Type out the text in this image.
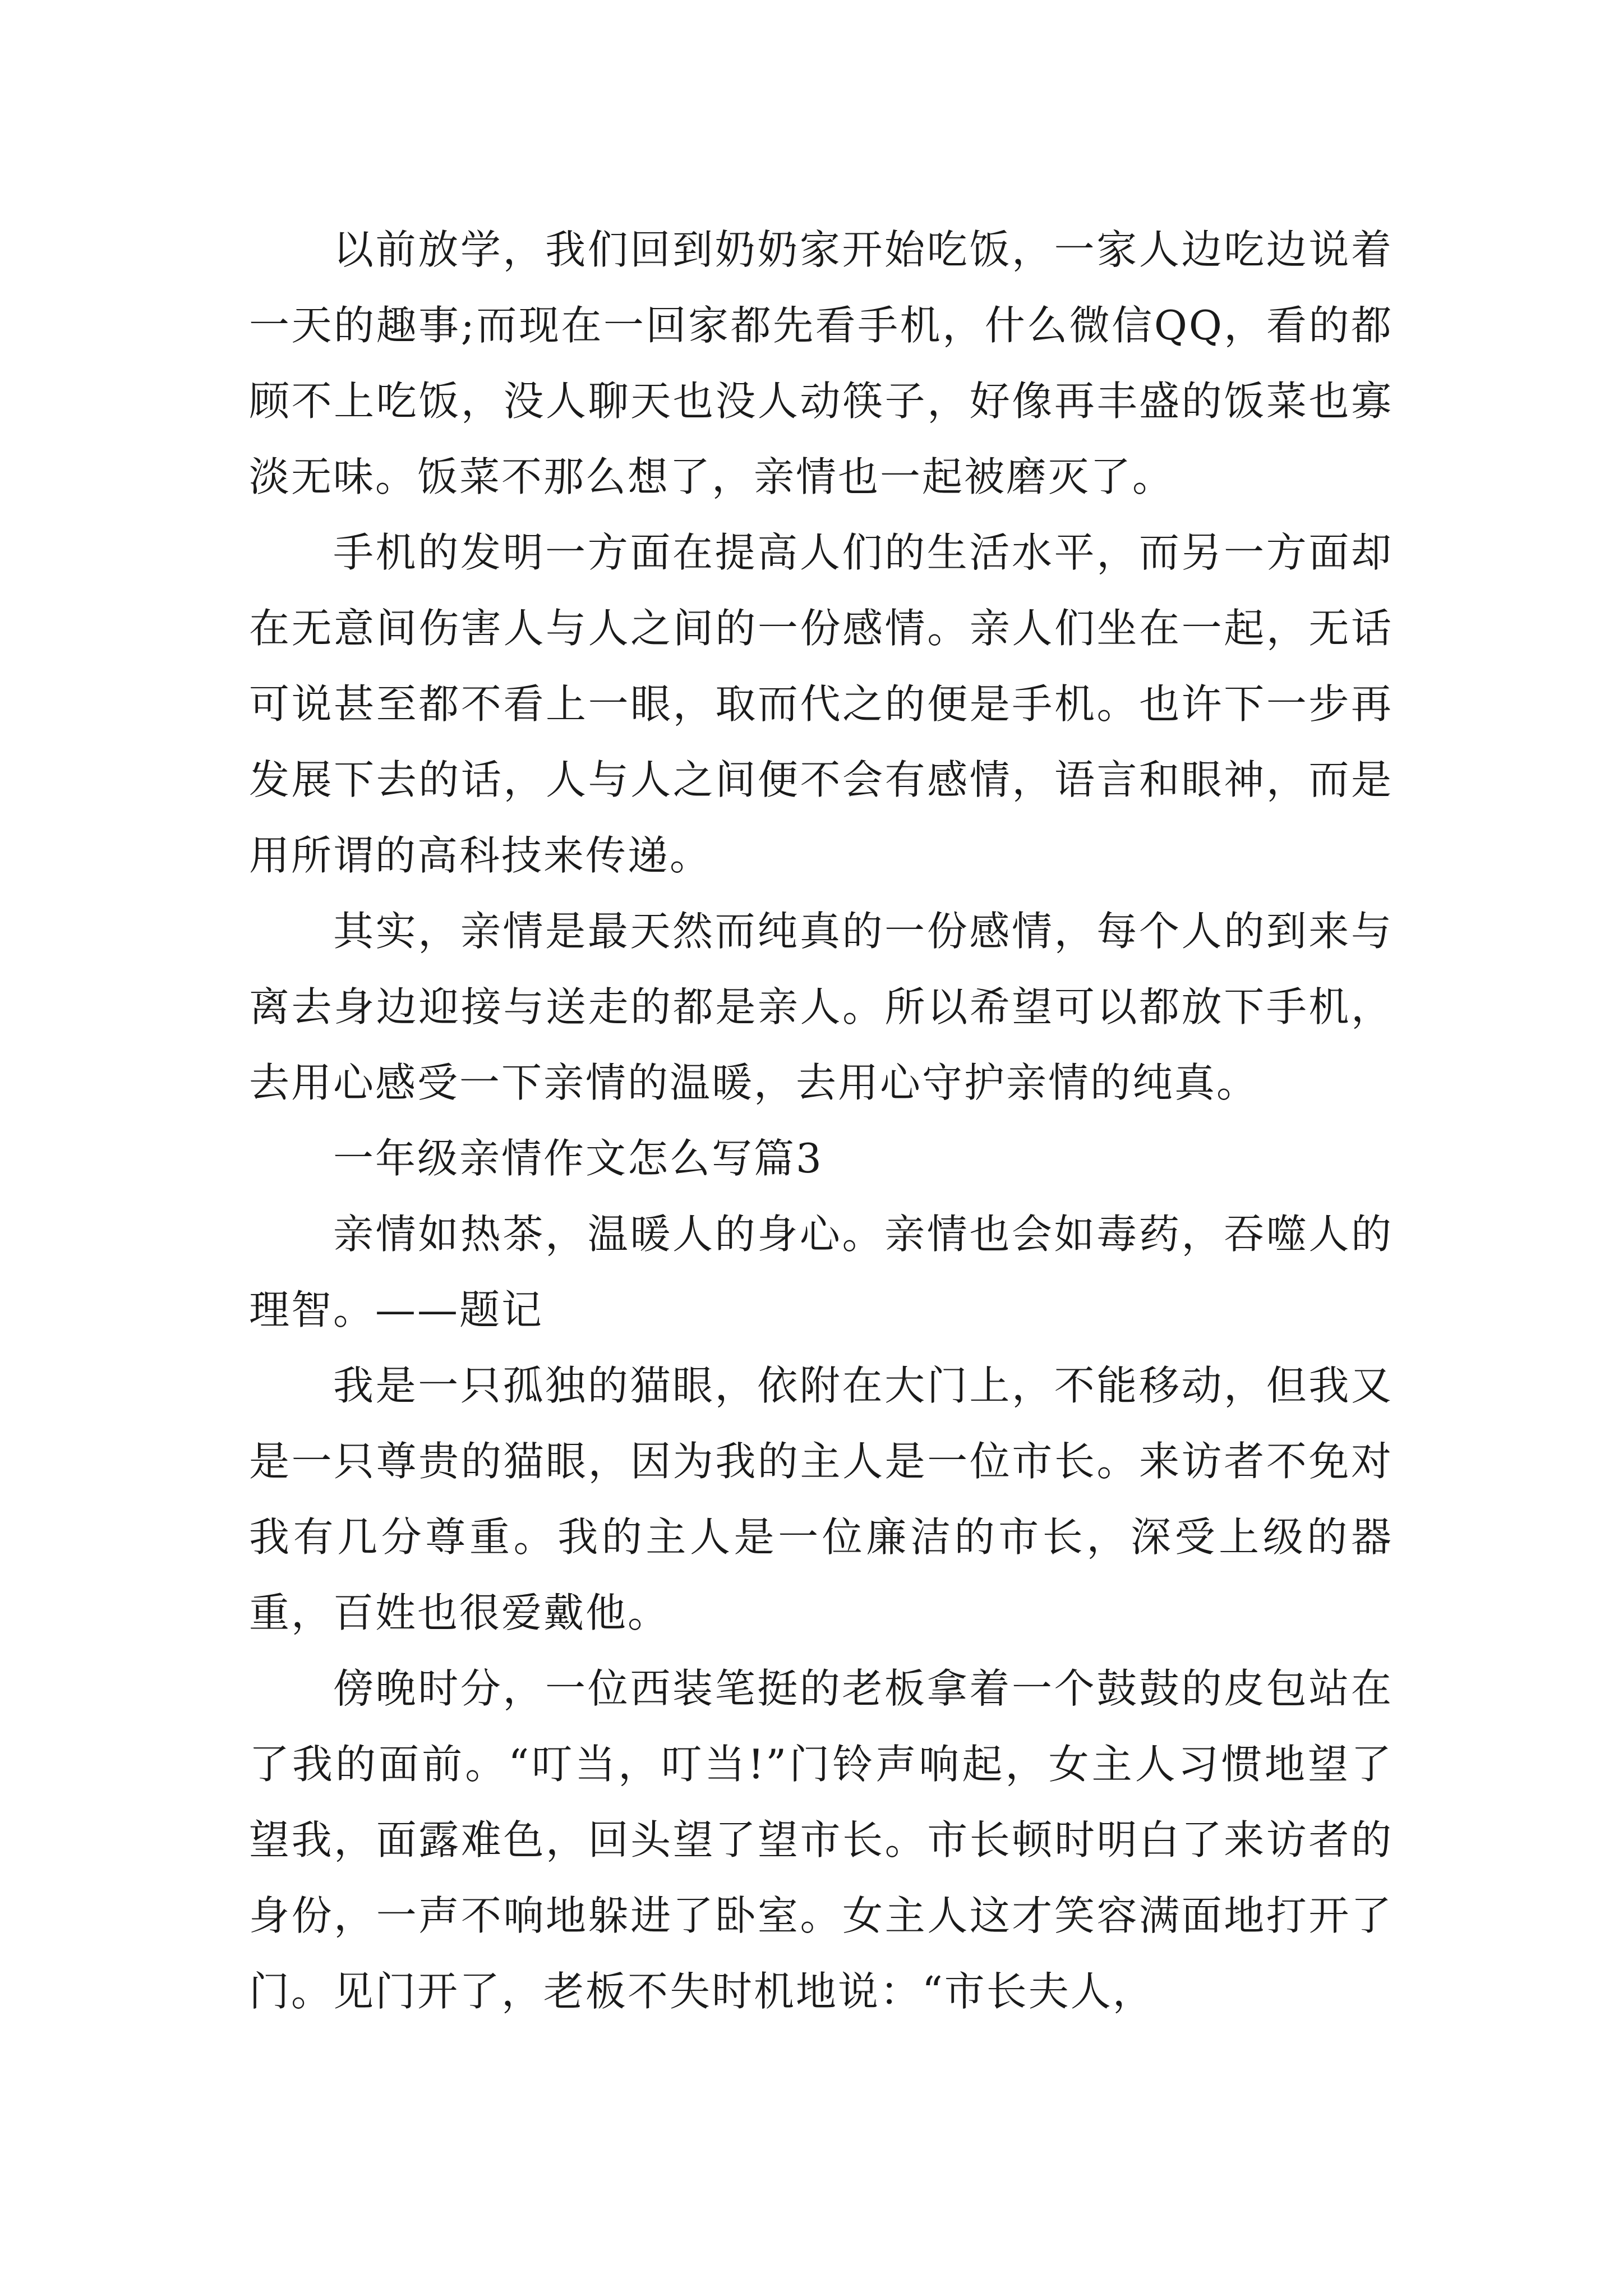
以前放学，我们回到奶奶家开始吃饭，一家人边吃边说着一天的趣事;而现在一回家都先看手机，什么微信QQ，看的都顾不上吃饭，没人聊天也没人动筷子，好像再丰盛的饭菜也寡淡无味。饭菜不那么想了，亲情也一起被磨灭了。

手机的发明一方面在提高人们的生活水平，而另一方面却在无意间伤害人与人之间的一份感情。亲人们坐在一起，无话可说甚至都不看上一眼，取而代之的便是手机。也许下一步再发展下去的话，人与人之间便不会有感情，语言和眼神，而是用所谓的高科技来传递。

其实，亲情是最天然而纯真的一份感情，每个人的到来与离去身边迎接与送走的都是亲人。所以希望可以都放下手机，去用心感受一下亲情的温暖，去用心守护亲情的纯真。

一年级亲情作文怎么写篇3

亲情如热茶，温暖人的身心。亲情也会如毒药，吞噬人的理智。——题记

我是一只孤独的猫眼，依附在大门上，不能移动，但我又是一只尊贵的猫眼，因为我的主人是一位市长。来访者不免对我有几分尊重。我的主人是一位廉洁的市长，深受上级的器重，百姓也很爱戴他。

傍晚时分，一位西装笔挺的老板拿着一个鼓鼓的皮包站在了我的面前。“叮当，叮当!”门铃声响起，女主人习惯地望了望我，面露难色，回头望了望市长。市长顿时明白了来访者的身份，一声不响地躲进了卧室。女主人这才笑容满面地打开了门。见门开了，老板不失时机地说：“市长夫人，
